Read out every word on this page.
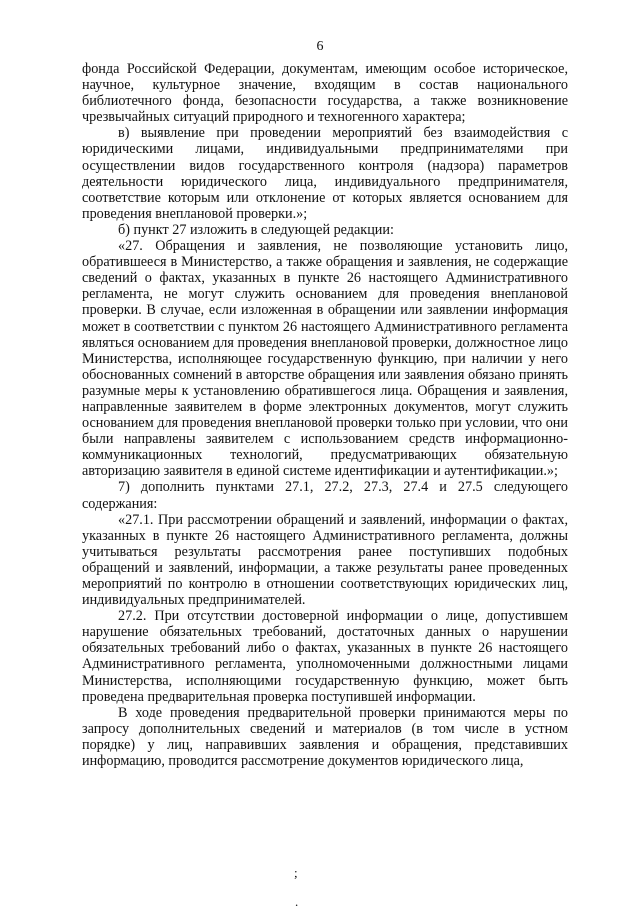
6

фонда Российской Федерации, документам, имеющим особое историческое, научное, культурное значение, входящим в состав национального библиотечного фонда, безопасности государства, а также возникновение чрезвычайных ситуаций природного и техногенного характера;

в) выявление при проведении мероприятий без взаимодействия с юридическими лицами, индивидуальными предпринимателями при осуществлении видов государственного контроля (надзора) параметров деятельности юридического лица, индивидуального предпринимателя, соответствие которым или отклонение от которых является основанием для проведения внеплановой проверки.»;

б) пункт 27 изложить в следующей редакции:

«27. Обращения и заявления, не позволяющие установить лицо, обратившееся в Министерство, а также обращения и заявления, не содержащие сведений о фактах, указанных в пункте 26 настоящего Административного регламента, не могут служить основанием для проведения внеплановой проверки. В случае, если изложенная в обращении или заявлении информация может в соответствии с пунктом 26 настоящего Административного регламента являться основанием для проведения внеплановой проверки, должностное лицо Министерства, исполняющее государственную функцию, при наличии у него обоснованных сомнений в авторстве обращения или заявления обязано принять разумные меры к установлению обратившегося лица. Обращения и заявления, направленные заявителем в форме электронных документов, могут служить основанием для проведения внеплановой проверки только при условии, что они были направлены заявителем с использованием средств информационно-коммуникационных технологий, предусматривающих обязательную авторизацию заявителя в единой системе идентификации и аутентификации.»;

7) дополнить пунктами 27.1, 27.2, 27.3, 27.4 и 27.5 следующего содержания:

«27.1. При рассмотрении обращений и заявлений, информации о фактах, указанных в пункте 26 настоящего Административного регламента, должны учитываться результаты рассмотрения ранее поступивших подобных обращений и заявлений, информации, а также результаты ранее проведенных мероприятий по контролю в отношении соответствующих юридических лиц, индивидуальных предпринимателей.

27.2. При отсутствии достоверной информации о лице, допустившем нарушение обязательных требований, достаточных данных о нарушении обязательных требований либо о фактах, указанных в пункте 26 настоящего Административного регламента, уполномоченными должностными лицами Министерства, исполняющими государственную функцию, может быть проведена предварительная проверка поступившей информации.

В ходе проведения предварительной проверки принимаются меры по запросу дополнительных сведений и материалов (в том числе в устном порядке) у лиц, направивших заявления и обращения, представивших информацию, проводится рассмотрение документов юридического лица,

;
.
